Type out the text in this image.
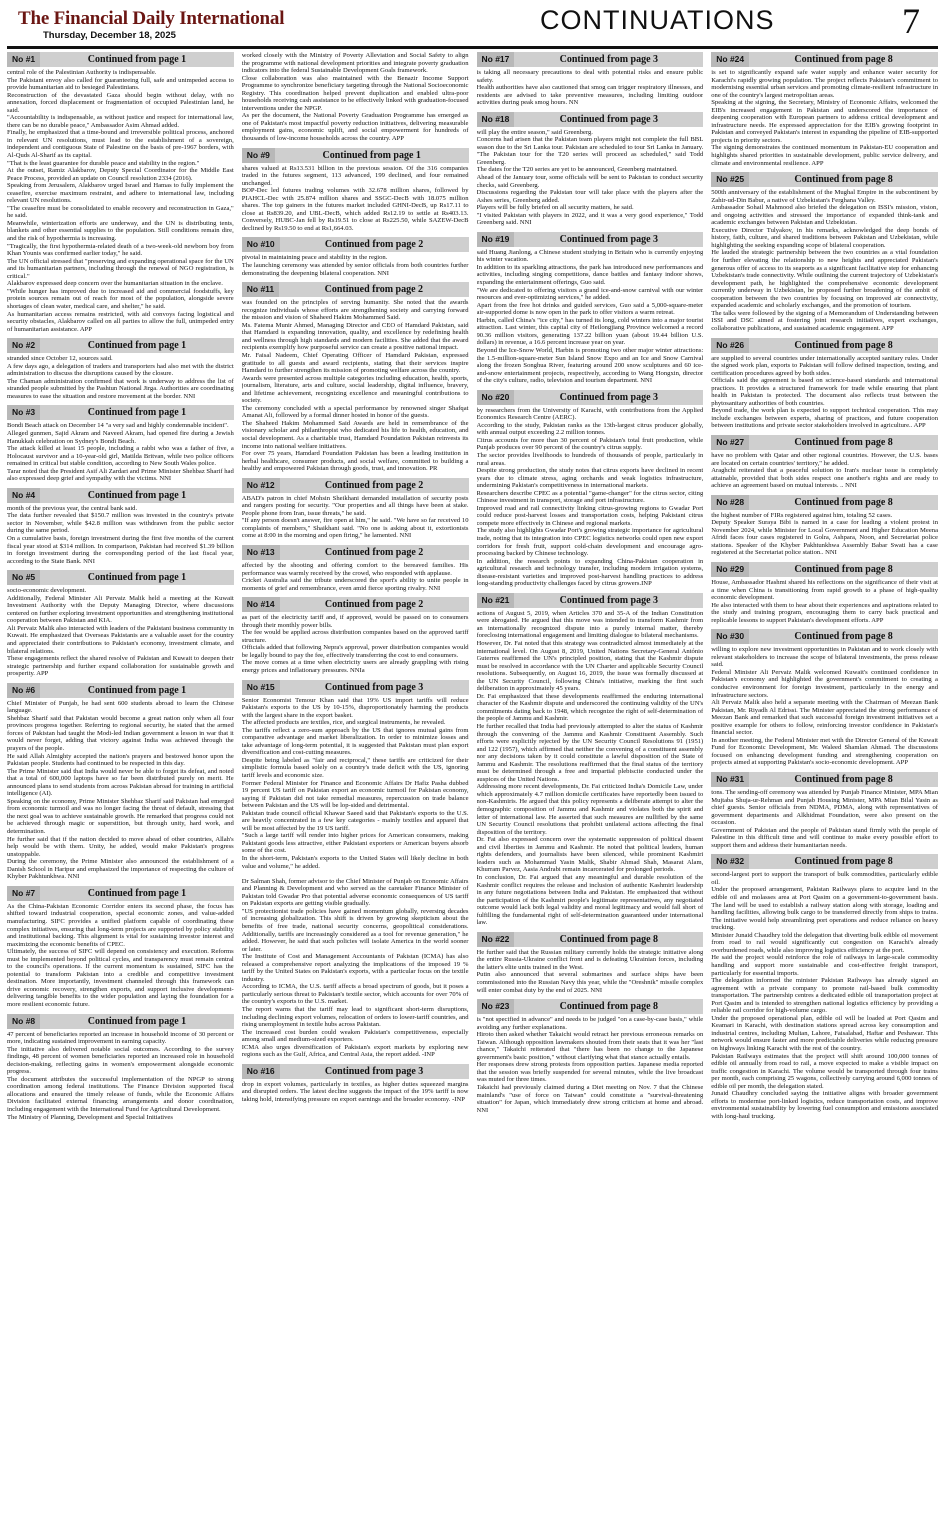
The Financial Daily International
Thursday, December 18, 2025
CONTINUATIONS	7
No #1	Continued from page 1
central role of the Palestinian Authority is indispensable.
The Pakistani envoy also called for guaranteeing full, safe and unimpeded access to provide humanitarian aid to besieged Palestinians.
Reconstruction of the devastated Gaza should begin without delay, with no annexation, forced displacement or fragmentation of occupied Palestinian land, he said.
"Accountability is indispensable, as without justice and respect for international law, there can be no durable peace," Ambassador Asim Ahmad added.
Finally, he emphasized that a time-bound and irreversible political process, anchored in relevant UN resolutions, must lead to the establishment of a sovereign, independent and contiguous State of Palestine on the basis of pre-1967 borders, with Al-Quds Al-Sharif as its capital.
"That is the least guarantee for durable peace and stability in the region."
At the outset, Ramiz Alakbarov, Deputy Special Coordinator for the Middle East Peace Process, provided an update on Council resolution 2334 (2016).
Speaking from Jerusalem, Alakbarov urged Israel and Hamas to fully implement the ceasefire, exercise maximum restraint, and adhere to international law, including relevant UN resolutions.
"The ceasefire must be consolidated to enable recovery and reconstruction in Gaza," he said.
Meanwhile, winterization efforts are underway, and the UN is distributing tents, blankets and other essential supplies to the population. Still conditions remain dire, and the risk of hypothermia is increasing.
"Tragically, the first hypothermia-related death of a two-week-old newborn boy from Khan Younis was confirmed earlier today," he said.
The UN official stressed that "preserving and expanding operational space for the UN and its humanitarian partners, including through the renewal of NGO registration, is critical."
Alakbarov expressed deep concern over the humanitarian situation in the enclave.
"While hunger has improved due to increased aid and commercial foodstuffs, key protein sources remain out of reach for most of the population, alongside severe shortages of clean water, medical care, and shelter," he said.
As humanitarian access remains restricted, with aid convoys facing logistical and security obstacles, Alakbarov called on all parties to allow the full, unimpeded entry of humanitarian assistance. APP
No #2	Continued from page 1
stranded since October 12, sources said.
A few days ago, a delegation of traders and transporters had also met with the district administration to discuss the disruptions caused by the closure.
The Chaman administration confirmed that work is underway to address the list of stranded people submitted by the Pashtun National Jirga. Authorities are coordinating measures to ease the situation and restore movement at the border. NNI
No #3	Continued from page 1
Bondi Beach attack on December 14 "a very sad and highly condemnable incident".
Alleged gunmen, Sajid Akram and Naveed Akram, had opened fire during a Jewish Hanukkah celebration on Sydney's Bondi Beach.
The attack killed at least 15 people, including a rabbi who was a father of five, a Holocaust survivor and a 10-year-old girl, Matilda Britvan, while two police officers remained in critical but stable condition, according to New South Wales police.
Tarar noted that the President Asif Ali Zardari and Prime Minister Shehbaz Sharif had also expressed deep grief and sympathy with the victims. NNI
No #4	Continued from page 1
month of the previous year, the central bank said.
The data further revealed that $150.7 million was invested in the country's private sector in November, while $42.8 million was withdrawn from the public sector during the same period.
On a cumulative basis, foreign investment during the first five months of the current fiscal year stood at $314 million. In comparison, Pakistan had received $1.39 billion in foreign investment during the corresponding period of the last fiscal year, according to the State Bank. NNI
No #5	Continued from page 1
socio-economic development.
Additionally, Federal Minister Ali Pervaiz Malik held a meeting at the Kuwait Investment Authority with the Deputy Managing Director, where discussions centered on further exploring investment opportunities and strengthening institutional cooperation between Pakistan and KIA.
Ali Pervaiz Malik also interacted with leaders of the Pakistani business community in Kuwait. He emphasized that Overseas Pakistanis are a valuable asset for the country and appreciated their contributions to Pakistan's economy, investment climate, and bilateral relations.
These engagements reflect the shared resolve of Pakistan and Kuwait to deepen their strategic partnership and further expand collaboration for sustainable growth and prosperity. APP
No #6	Continued from page 1
Chief Minister of Punjab, he had sent 600 students abroad to learn the Chinese language.
Shehbaz Sharif said that Pakistan would become a great nation only when all four provinces progress together. Referring to regional security, he stated that the armed forces of Pakistan had taught the Modi-led Indian government a lesson in war that it would never forget, adding that victory against India was achieved through the prayers of the people.
He said Allah Almighty accepted the nation's prayers and bestowed honor upon the Pakistan people. Students had continued to be respected in this day.
The Prime Minister said that India would never be able to forget its defeat, and noted that a total of 600,000 laptops have so far been distributed purely on merit. He announced plans to send students from across Pakistan abroad for training in artificial intelligence (AI).
Speaking on the economy, Prime Minister Shehbaz Sharif said Pakistan had emerged from economic turmoil and was no longer facing the threat of default, stressing that the next goal was to achieve sustainable growth. He remarked that progress could not be achieved through magic or superstition, but through unity, hard work, and determination.
He further said that if the nation decided to move ahead of other countries, Allah's help would be with them. Unity, he added, would make Pakistan's progress unstoppable.
During the ceremony, the Prime Minister also announced the establishment of a Danish School in Haripur and emphasized the importance of respecting the culture of Khyber Pakhtunkhwa. NNI
No #7	Continued from page 1
As the China-Pakistan Economic Corridor enters its second phase, the focus has shifted toward industrial cooperation, special economic zones, and value-added manufacturing. SIFC provides a unified platform capable of coordinating these complex initiatives, ensuring that long-term projects are supported by policy stability and institutional backing. This alignment is vital for sustaining investor interest and maximizing the economic benefits of CPEC.
Ultimately, the success of SIFC will depend on consistency and execution. Reforms must be implemented beyond political cycles, and transparency must remain central to the council's operations. If the current momentum is sustained, SIFC has the potential to transform Pakistan into a credible and competitive investment destination. More importantly, investment channeled through this framework can drive economic recovery, strengthen exports, and support inclusive development-delivering tangible benefits to the wider population and laying the foundation for a more resilient economic future.
No #8	Continued from page 1
47 percent of beneficiaries reported an increase in household income of 30 percent or more, indicating sustained improvement in earning capacity.
The initiative also delivered notable social outcomes. According to the survey findings, 48 percent of women beneficiaries reported an increased role in household decision-making, reflecting gains in women's empowerment alongside economic progress.
The document attributes the successful implementation of the NPGP to strong coordination among federal institutions. The Finance Division supported fiscal allocations and ensured the timely release of funds, while the Economic Affairs Division facilitated external financing arrangements and donor coordination, including engagement with the International Fund for Agricultural Development.
The Ministry of Planning, Development and Special Initiatives
worked closely with the Ministry of Poverty Alleviation and Social Safety to align the programme with national development priorities and integrate poverty graduation indicators into the federal Sustainable Development Goals framework.
Close collaboration was also maintained with the Benazir Income Support Programme to synchronize beneficiary targeting through the National Socioeconomic Registry. This coordination helped prevent duplication and enabled ultra-poor households receiving cash assistance to be effectively linked with graduation-focused interventions under the NPGP.
As per the document, the National Poverty Graduation Programme has emerged as one of Pakistan's most impactful poverty reduction initiatives, delivering measurable employment gains, economic uplift, and social empowerment for hundreds of thousands of low-income households across the country. APP
No #9	Continued from page 1
shares valued at Rs13.531 billion in the previous session. Of the 316 companies traded in the futures segment, 113 advanced, 199 declined, and four remained unchanged.
BOP-Dec led futures trading volumes with 32.678 million shares, followed by PIAHCL-Dec with 25.874 million shares and SSGC-DecB with 18.075 million shares. The top gainers in the futures market included GHNI-DecB, up Rs17.11 to close at Rs839.20, and UBL-DecB, which added Rs12.19 to settle at Rs403.13. Conversely, HUBC-Jan fell by Rs19.51 to close at Rs225.50, while SAZEW-DecB declined by Rs19.50 to end at Rs1,664.03.
No #10	Continued from page 2
pivotal in maintaining peace and stability in the region.
The launching ceremony was attended by senior officials from both countries further demonstrating the deepening bilateral cooperation. NNI
No #11	Continued from page 2
was founded on the principles of serving humanity. She noted that the awards recognize individuals whose efforts are strengthening society and carrying forward the mission and vision of Shaheed Hakim Mohammed Said.
Ms. Fatema Munir Ahmed, Managing Director and CEO of Hamdard Pakistan, said that Hamdard is expanding innovation, quality, and excellence by redefining health and wellness through high standards and modern facilities. She added that the award recipients exemplify how purposeful service can create a positive national impact.
Mr. Faisal Nadeem, Chief Operating Officer of Hamdard Pakistan, expressed gratitude to all guests and award recipients, stating that their services inspire Hamdard to further strengthen its mission of promoting welfare across the country.
Awards were presented across multiple categories including education, health, sports, journalism, literature, arts and culture, social leadership, digital influence, bravery, and lifetime achievement, recognizing excellence and meaningful contributions to society.
The ceremony concluded with a special performance by renowned singer Shafqat Amanat Ali, followed by a formal dinner hosted in honor of the guests.
The Shaheed Hakim Mohammed Said Awards are held in remembrance of the visionary scholar and philanthropist who dedicated his life to health, education, and social development. As a charitable trust, Hamdard Foundation Pakistan reinvests its income into national welfare initiatives.
For over 75 years, Hamdard Foundation Pakistan has been a leading institution in herbal healthcare, consumer products, and social welfare, committed to building a healthy and empowered Pakistan through goods, trust, and innovation. PR
No #12	Continued from page 2
ABAD's patron in chief Mohsin Sheikhani demanded installation of security posts and rangers posting for security. "Our properties and all things have been at stake. People phone from Iran, issue threats," he said.
"If any person doesn't answer, fire open at him," he said. "We have so far received 10 complaints of members," Shaikhani said. "No one is asking about it, extortionists come at 8:00 in the morning and open firing," he lamented. NNI
No #13	Continued from page 2
affected by the shooting and offering comfort to the bereaved families. His performance was warmly received by the crowd, who responded with applause.
Cricket Australia said the tribute underscored the sport's ability to unite people in moments of grief and remembrance, even amid fierce sporting rivalry. NNI
No #14	Continued from page 2
as part of the electricity tariff and, if approved, would be passed on to consumers through their monthly power bills.
The fee would be applied across distribution companies based on the approved tariff structure.
Officials added that following Nepra's approval, power distribution companies would be legally bound to pay the fee, effectively transferring the cost to end consumers.
The move comes at a time when electricity users are already grappling with rising energy prices and inflationary pressures. NNIa
No #15	Continued from page 3
Senior Economist Temour Khan said that 19% US import tariffs will reduce Pakistan's exports to the US by 10-15%, disproportionately harming the products with the largest share in the export basket.
The affected products are textiles, rice, and surgical instruments, he revealed.
The tariffs reflect a zero-sum approach by the US that ignores mutual gains from comparative advantage and market liberalization. In order to minimize losses and take advantage of long-term potential, it is suggested that Pakistan must plan export diversification and cost-cutting measures.
Despite being labeled as "fair and reciprocal," these tariffs are criticized for their simplistic formula based solely on a country's trade deficit with the US, ignoring tariff levels and economic size.
Former Federal Minister for Finance and Economic Affairs Dr Hafiz Pasha dubbed 19 percent US tariff on Pakistan export an economic turmoil for Pakistan economy, saying if Pakistan did not take remedial measures, repercussion on trade balance between Pakistan and the US will be lop-sided and detrimental.
Pakistan trade council official Khawar Saeed said that Pakistan's exports to the U.S. are heavily concentrated in a few key categories - mainly textiles and apparel that will be most affected by the 19 US tariff.
"Such a large tariff will render into higher prices for American consumers, making Pakistani goods less attractive, either Pakistani exporters or American buyers absorb some of the cost.
In the short-term, Pakistan's exports to the United States will likely decline in both value and volume," he added.

Dr Salman Shah, former advisor to the Chief Minister of Punjab on Economic Affairs and Planning & Development and who served as the caretaker Finance Minister of Pakistan told Gwadar Pro that potential adverse economic consequences of US tariff on Pakistan exports are getting visible gradually.
"US protectionist trade policies have gained momentum globally, reversing decades of increasing globalization. This shift is driven by growing skepticism about the benefits of free trade, national security concerns, geopolitical considerations. Additionally, tariffs are increasingly considered as a tool for revenue generation," he added. However, he said that such policies will isolate America in the world sooner or later.
The Institute of Cost and Management Accountants of Pakistan (ICMA) has also released a comprehensive report analyzing the implications of the imposed 19 % tariff by the United States on Pakistan's exports, with a particular focus on the textile industry.
According to ICMA, the U.S. tariff affects a broad spectrum of goods, but it poses a particularly serious threat to Pakistan's textile sector, which accounts for over 70% of the country's exports to the U.S. market.
The report warns that the tariff may lead to significant short-term disruptions, including declining export volumes, relocation of orders to lower-tariff countries, and rising unemployment in textile hubs across Pakistan.
The increased cost burden could weaken Pakistan's competitiveness, especially among small and medium-sized exporters.
ICMA also urges diversification of Pakistan's export markets by exploring new regions such as the Gulf, Africa, and Central Asia, the report added. -INP
No #16	Continued from page 3
drop in export volumes, particularly in textiles, as higher duties squeezed margins and disrupted orders. The latest decline suggests the impact of the 19% tariff is now taking hold, intensifying pressure on export earnings and the broader economy. -INP
No #17	Continued from page 3
is taking all necessary precautions to deal with potential risks and ensure public safety.
Health authorities have also cautioned that smog can trigger respiratory illnesses, and residents are advised to take preventive measures, including limiting outdoor activities during peak smog hours. NN
No #18	Continued from page 3
will play the entire season," said Greenberg.
Concerns had arisen that the Pakistan team players might not complete the full BBL season due to the Sri Lanka tour. Pakistan are scheduled to tour Sri Lanka in January. "The Pakistan tour for the T20 series will proceed as scheduled," said Todd Greenberg.
The dates for the T20 series are yet to be announced, Greenberg maintained.
Ahead of the January tour, some officials will be sent to Pakistan to conduct security checks, said Greenberg.
Discussions regarding the Pakistan tour will take place with the players after the Ashes series, Greenberg added.
Players will be fully briefed on all security matters, he said.
"I visited Pakistan with players in 2022, and it was a very good experience," Todd Greenberg said. NNI
No #19	Continued from page 3
said Huang Jianlong, a Chinese student studying in Britain who is currently enjoying his winter vacation.
In addition to its sparkling attractions, the park has introduced new performances and activities, including singing competitions, dance battles and fantasy indoor shows, expanding the entertainment offerings, Guo said.
"We are dedicated to offering visitors a grand ice-and-snow carnival with our winter resources and ever-optimizing services," he added.
Apart from the free hot drinks and guided services, Guo said a 5,000-square-meter air-supported dome is now open in the park to offer visitors a warm retreat.
Harbin, called China's "ice city," has turned its long, cold winters into a major tourist attraction. Last winter, this capital city of Heilongjiang Province welcomed a record 90.36 million visitors, generating 137.22 billion yuan (about 19.44 billion U.S. dollars) in revenue, a 16.6 percent increase year on year.
Beyond the Ice-Snow World, Harbin is promoting two other major winter attractions: the 1.5-million-square-meter Sun Island Snow Expo and an Ice and Snow Carnival along the frozen Songhua River, featuring around 200 snow sculptures and 60 ice-and-snow entertainment projects, respectively, according to Wang Hongxin, director of the city's culture, radio, television and tourism department. NNI
No #20	Continued from page 3
by researchers from the University of Karachi, with contributions from the Applied Economics Research Centre (AERC).
According to the study, Pakistan ranks as the 13th-largest citrus producer globally, with annual output exceeding 2.2 million tonnes.
Citrus accounts for more than 30 percent of Pakistan's total fruit production, while Punjab produces over 90 percent of the country's citrus supply.
The sector provides livelihoods to hundreds of thousands of people, particularly in rural areas.
Despite strong production, the study notes that citrus exports have declined in recent years due to climate stress, aging orchards and weak logistics infrastructure, undermining Pakistan's competitiveness in international markets.
Researchers describe CPEC as a potential "game-changer" for the citrus sector, citing Chinese investment in transport, storage and port infrastructure.
Improved road and rail connectivity linking citrus-growing regions to Gwadar Port could reduce post-harvest losses and transportation costs, helping Pakistani citrus compete more effectively in Chinese and regional markets.
The study also highlights Gwadar Port's growing strategic importance for agricultural trade, noting that its integration into CPEC logistics networks could open new export corridors for fresh fruit, support cold-chain development and encourage agro-processing backed by Chinese technology.
In addition, the research points to expanding China-Pakistan cooperation in agricultural research and technology transfer, including modern irrigation systems, disease-resistant varieties and improved post-harvest handling practices to address long-standing productivity challenges faced by citrus growers.INP
No #21	Continued from page 3
actions of August 5, 2019, when Articles 370 and 35-A of the Indian Constitution were abrogated. He argued that this move was intended to transform Kashmir from an internationally recognized dispute into a purely internal matter, thereby foreclosing international engagement and limiting dialogue to bilateral mechanisms.
However, Dr. Fai noted that this strategy was contradicted almost immediately at the international level. On August 8, 2019, United Nations Secretary-General António Guterres reaffirmed the UN's principled position, stating that the Kashmir dispute must be resolved in accordance with the UN Charter and applicable Security Council resolutions. Subsequently, on August 16, 2019, the issue was formally discussed at the UN Security Council, following China's initiative, marking the first such deliberation in approximately 45 years.
Dr. Fai emphasized that these developments reaffirmed the enduring international character of the Kashmir dispute and underscored the continuing validity of the UN's commitments dating back to 1948, which recognize the right of self-determination of the people of Jammu and Kashmir.
He further recalled that India had previously attempted to alter the status of Kashmir through the convening of the Jammu and Kashmir Constituent Assembly. Such efforts were explicitly rejected by the UN Security Council Resolutions 91 (1951) and 122 (1957), which affirmed that neither the convening of a constituent assembly nor any decisions taken by it could constitute a lawful disposition of the State of Jammu and Kashmir. The resolutions reaffirmed that the final status of the territory must be determined through a free and impartial plebiscite conducted under the auspices of the United Nations.
Addressing more recent developments, Dr. Fai criticized India's Domicile Law, under which approximately 4.7 million domicile certificates have reportedly been issued to non-Kashmiris. He argued that this policy represents a deliberate attempt to alter the demographic composition of Jammu and Kashmir and violates both the spirit and letter of international law. He asserted that such measures are nullified by the same UN Security Council resolutions that prohibit unilateral actions affecting the final disposition of the territory.
Dr. Fai also expressed concern over the systematic suppression of political dissent and civil liberties in Jammu and Kashmir. He noted that political leaders, human rights defenders, and journalists have been silenced, while prominent Kashmiri leaders such as Mohammad Yasin Malik, Shabir Ahmad Shah, Masarat Alam, Khurram Parvez, Aasia Andrabi remain incarcerated for prolonged periods.
In conclusion, Dr. Fai argued that any meaningful and durable resolution of the Kashmir conflict requires the release and inclusion of authentic Kashmiri leadership in any future negotiations between India and Pakistan. He emphasized that without the participation of the Kashmiri people's legitimate representatives, any negotiated outcome would lack both legal validity and moral legitimacy and would fall short of fulfilling the fundamental right of self-determination guaranteed under international law.
No #22	Continued from page 8
He further said that the Russian military currently holds the strategic initiative along the entire Russia-Ukraine conflict front and is defeating Ukrainian forces, including the latter's elite units trained in the West.
Putin also announced that several submarines and surface ships have been commissioned into the Russian Navy this year, while the "Oreshnik" missile complex will enter combat duty by the end of 2025. NNI
No #23	Continued from page 8
is "not specified in advance" and needs to be judged "on a case-by-case basis," while avoiding any further explanations.
Hiroto then asked whether Takaichi would retract her previous erroneous remarks on Taiwan. Although opposition lawmakers shouted from their seats that it was her "last chance," Takaichi reiterated that "there has been no change to the Japanese government's basic position," without clarifying what that stance actually entails.
Her responses drew strong protests from opposition parties. Japanese media reported that the session was briefly suspended for several minutes, while the live broadcast was muted for three times.
Takaichi had previously claimed during a Diet meeting on Nov. 7 that the Chinese mainland's "use of force on Taiwan" could constitute a "survival-threatening situation" for Japan, which immediately drew strong criticism at home and abroad. NNI
No #24	Continued from page 8
is set to significantly expand safe water supply and enhance water security for Karachi's rapidly growing population. The project reflects Pakistan's commitment to modernising essential urban services and promoting climate-resilient infrastructure in one of the country's largest metropolitan areas.
Speaking at the signing, the Secretary, Ministry of Economic Affairs, welcomed the EIB's increased engagement in Pakistan and underscored the importance of deepening cooperation with European partners to address critical development and infrastructure needs. He expressed appreciation for the EIB's growing footprint in Pakistan and conveyed Pakistan's interest in expanding the pipeline of EIB-supported projects in priority sectors.
The signing demonstrates the continued momentum in Pakistan-EU cooperation and highlights shared priorities in sustainable development, public service delivery, and climate and environmental resilience. APP
No #25	Continued from page 8
500th anniversary of the establishment of the Mughal Empire in the subcontinent by Zahir-ud-Din Babur, a native of Uzbekistan's Ferghana Valley.
Ambassador Sohail Mahmood also briefed the delegation on ISSI's mission, vision, and ongoing activities and stressed the importance of expanded think-tank and academic exchanges between Pakistan and Uzbekistan.
Executive Director Tulyakov, in his remarks, acknowledged the deep bonds of history, faith, culture, and shared traditions between Pakistan and Uzbekistan, while highlighting the seeking expanding scope of bilateral cooperation.
He lauded the strategic partnership between the two countries as a vital foundation for further elevating the relationship to new heights and appreciated Pakistan's generous offer of access to its seaports as a significant facilitative step for enhancing Uzbekistan's trade connectivity. While outlining the current trajectory of Uzbekistan's development path, he highlighted the comprehensive economic development currently underway in Uzbekistan, he proposed further broadening of the ambit of cooperation between the two countries by focusing on improved air connectivity, expanded academic and scholarly exchanges, and the promotion of tourism.
The talks were followed by the signing of a Memorandum of Understanding between ISSI and DSC aimed at fostering joint research initiatives, expert exchanges, collaborative publications, and sustained academic engagement. APP
No #26	Continued from page 8
are supplied to several countries under internationally accepted sanitary rules. Under the signed work plan, exports to Pakistan will follow defined inspection, testing, and certification procedures agreed by both sides.
Officials said the agreement is based on science-based standards and international practices. It provides a structured framework for trade while ensuring that plant health in Pakistan is protected. The document also reflects trust between the phytosanitary authorities of both countries.
Beyond trade, the work plan is expected to support technical cooperation. This may include exchanges between experts, sharing of practices, and future cooperation between institutions and private sector stakeholders involved in agriculture.. APP
No #27	Continued from page 8
have no problem with Qatar and other regional countries. However, the U.S. bases are located on certain countries' territory," he added.
Araghchi reiterated that a peaceful solution to Iran's nuclear issue is completely attainable, provided that both sides respect one another's rights and are ready to achieve an agreement based on mutual interests. .. NNI
No #28	Continued from page 8
the highest number of FIRs registered against him, totaling 52 cases.
Deputy Speaker Suraya Bibi is named in a case for leading a violent protest in November 2024, while Minister for Local Government and Higher Education Meena Afridi faces four cases registered in Golra, Ashpara, Noon, and Secretariat police stations. Speaker of the Khyber Pakhtunkhwa Assembly Babar Swati has a case registered at the Secretariat police station.. NNI
No #29	Continued from page 8
House, Ambassador Hashmi shared his reflections on the significance of their visit at a time when China is transitioning from rapid growth to a phase of high-quality economic development.
He also interacted with them to hear about their experiences and aspirations related to the study and training program, encouraging them to carry back practical and replicable lessons to support Pakistan's development efforts. APP
No #30	Continued from page 8
willing to explore new investment opportunities in Pakistan and to work closely with relevant stakeholders to increase the scope of bilateral investments, the press release said.
Federal Minister Ali Pervaiz Malik welcomed Kuwait's continued confidence in Pakistan's economy and highlighted the government's commitment to creating a conducive environment for foreign investment, particularly in the energy and infrastructure sectors.
Ali Pervaiz Malik also held a separate meeting with the Chairman of Meezan Bank Pakistan, Mr. Riyadh Al Edrissi. The Minister appreciated the strong performance of Meezan Bank and remarked that such successful foreign investment initiatives set a positive example for others to follow, reinforcing investor confidence in Pakistan's financial sector.
In another meeting, the Federal Minister met with the Director General of the Kuwait Fund for Economic Development, Mr. Waleed Shamlan Ahmad. The discussions focused on enhancing development funding and strengthening cooperation on projects aimed at supporting Pakistan's socio-economic development. APP
No #31	Continued from page 8
tons. The sending-off ceremony was attended by Punjab Finance Minister, MPA Mian Mujtaba Shuja-ur-Rehman and Punjab Housing Minister, MPA Mian Bilal Yasin as chief guests. Senior officials from NDMA, PDMA, along with representatives of government departments and Alkhidmat Foundation, were also present on the occasion.
Government of Pakistan and the people of Pakistan stand firmly with the people of Palestine in this difficult time and will continue to make every possible effort to support them and address their humanitarian needs.
No #32	Continued from page 8
second-largest port to support the transport of bulk commodities, particularly edible oil.
Under the proposed arrangement, Pakistan Railways plans to acquire land in the edible oil and molasses area at Port Qasim on a government-to-government basis. The land will be used to establish a railway station along with storage, loading and handling facilities, allowing bulk cargo to be transferred directly from ships to trains. The initiative would help streamlining port operations and reduce reliance on heavy trucking.
Minister Junaid Chaudhry told the delegation that diverting bulk edible oil movement from road to rail would significantly cut congestion on Karachi's already overburdened roads, while also improving logistics efficiency at the port.
He said the project would reinforce the role of railways in large-scale commodity handling and support more sustainable and cost-effective freight transport, particularly for essential imports.
The delegation informed the minister Pakistan Railways has already signed an agreement with a private company to promote rail-based bulk commodity transportation. The partnership centres a dedicated edible oil transportation project at Port Qasim and is intended to strengthen national logistics efficiency by providing a reliable rail corridor for high-volume cargo.
Under the proposed operational plan, edible oil will be loaded at Port Qasim and Keamari in Karachi, with destination stations spread across key consumption and industrial centres, including Multan, Lahore, Faisalabad, Haftar and Peshawar. This network would ensure faster and more predictable deliveries while reducing pressure on highways linking Karachi with the rest of the country.
Pakistan Railways estimates that the project will shift around 100,000 tonnes of edible oil annually from road to rail, a move expected to make a visible impact on traffic congestion in Karachi. The volume would be transported through four trains per month, each comprising 25 wagons, collectively carrying around 6,000 tonnes of edible oil per month, the delegation stated.
Junaid Chaudhry concluded saying the initiative aligns with broader government efforts to modernise port-linked logistics, reduce transportation costs, and improve environmental sustainability by lowering fuel consumption and emissions associated with long-haul trucking.
